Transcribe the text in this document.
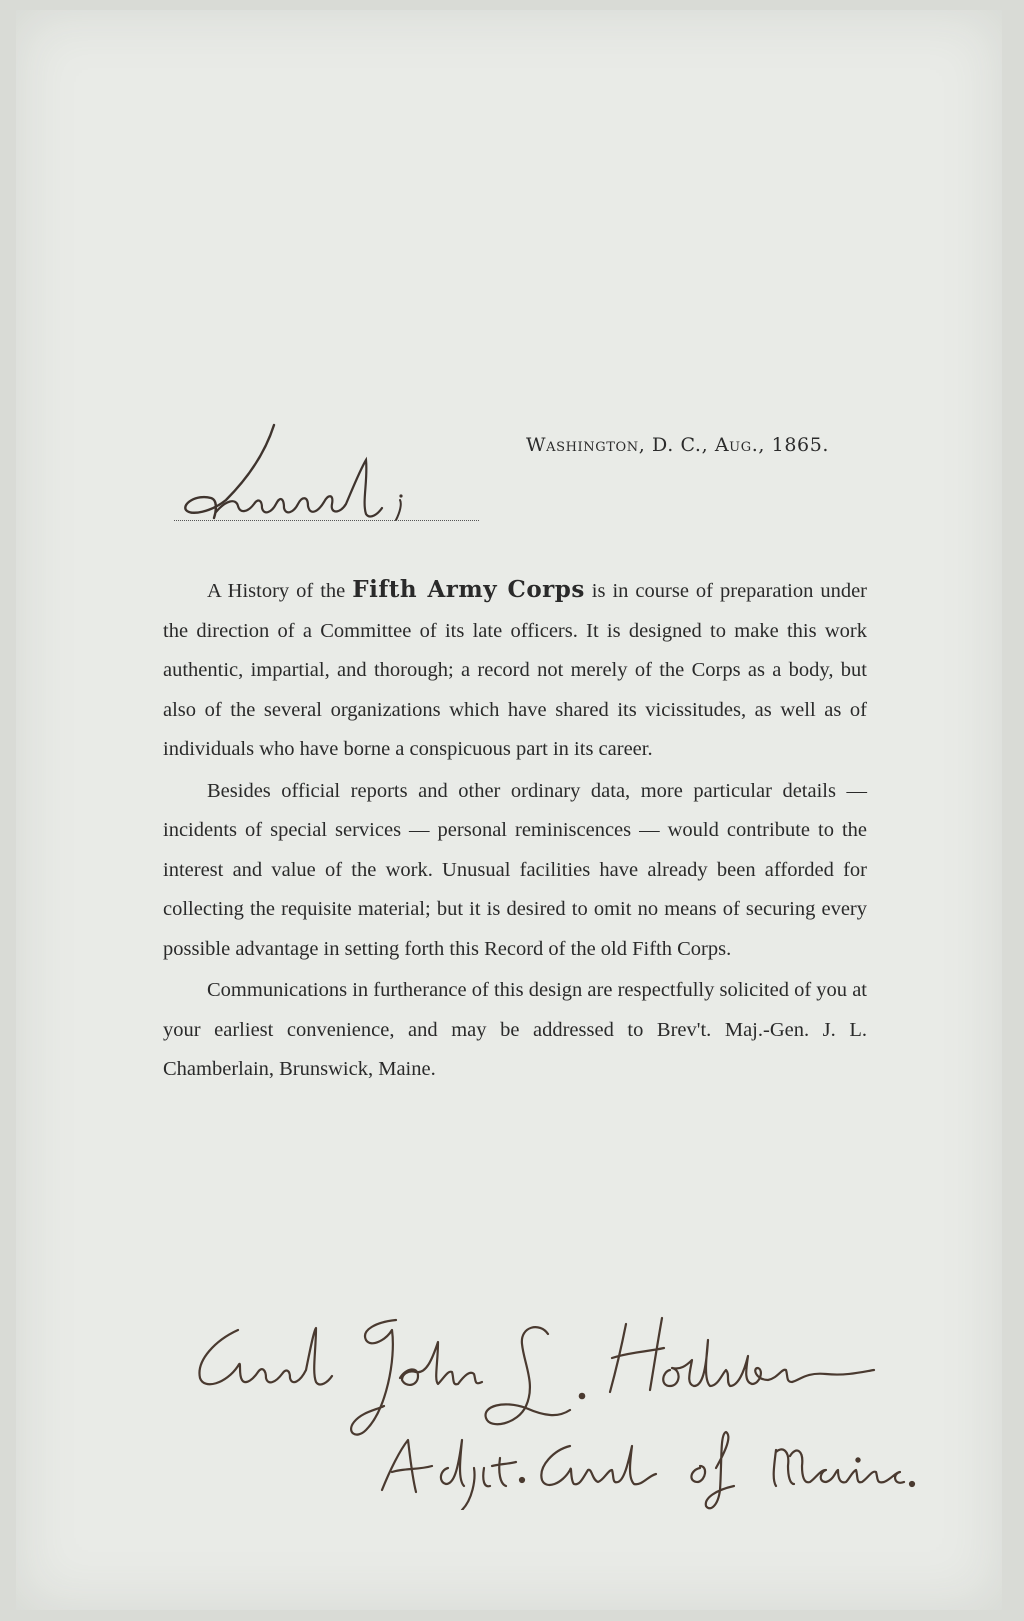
Washington, D. C., Aug., 1865.

A History of the Fifth Army Corps is in course of preparation under the direction of a Committee of its late officers. It is designed to make this work authentic, impartial, and thorough; a record not merely of the Corps as a body, but also of the several organizations which have shared its vicissitudes, as well as of individuals who have borne a conspicuous part in its career.

Besides official reports and other ordinary data, more particular details — incidents of special services — personal reminiscences — would contribute to the interest and value of the work. Unusual facilities have already been afforded for collecting the requisite material; but it is desired to omit no means of securing every possible advantage in setting forth this Record of the old Fifth Corps.

Communications in furtherance of this design are respectfully solicited of you at your earliest convenience, and may be addressed to Brev't. Maj.-Gen. J. L. Chamberlain, Brunswick, Maine.
